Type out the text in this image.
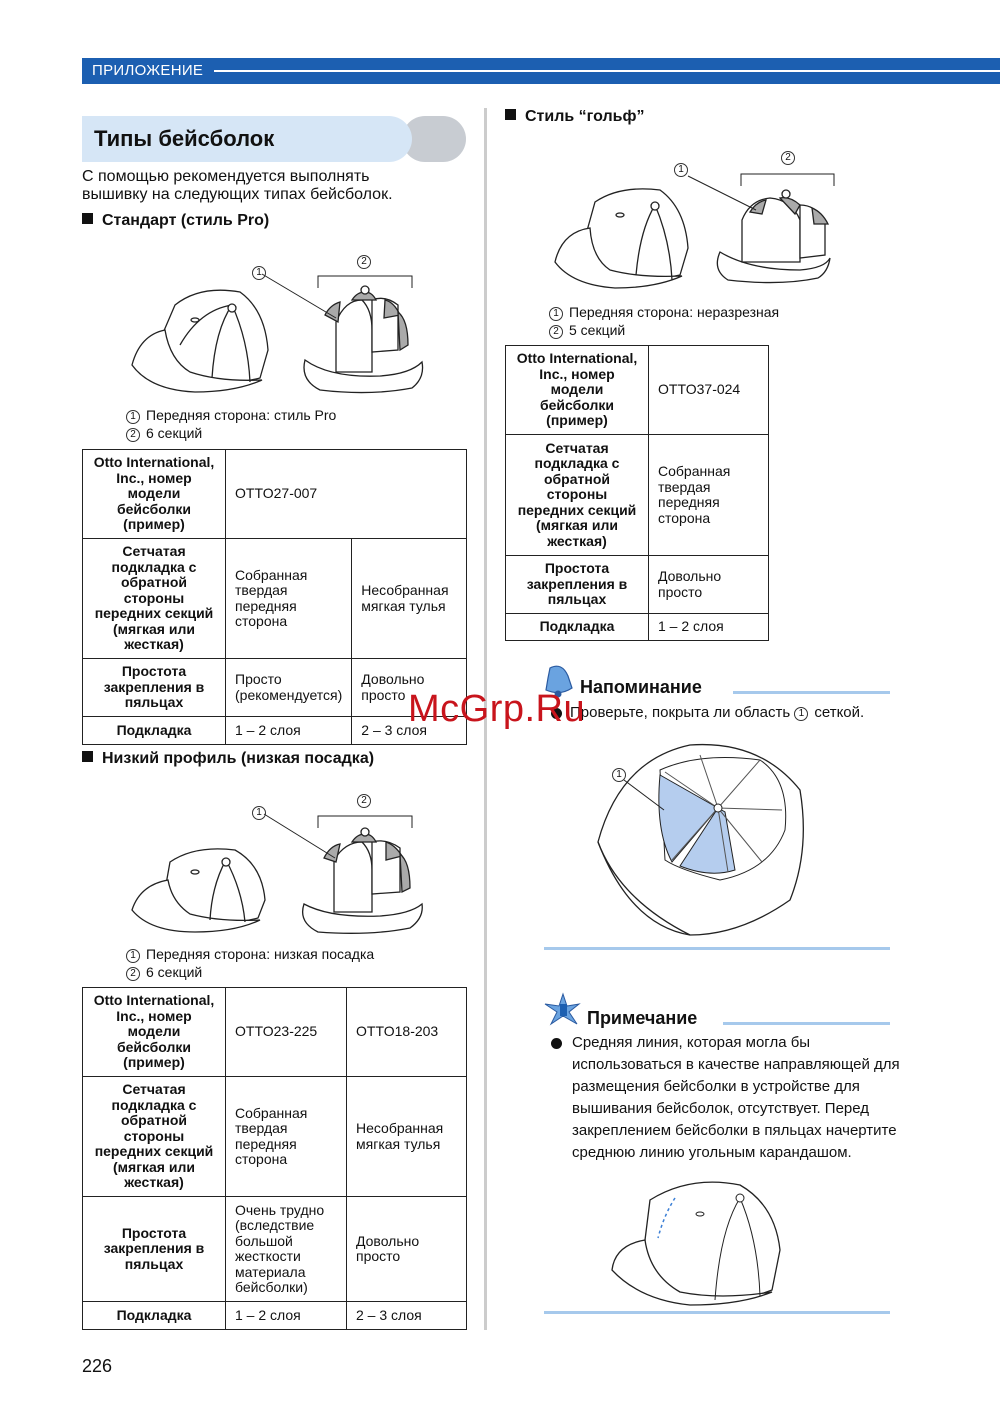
ПРИЛОЖЕНИЕ
Типы бейсболок
С помощью рекомендуется выполнять
вышивку на следующих типах бейсболок.
Стандарт (стиль Pro)
1
2
1 Передняя сторона: стиль Pro
2 6 секций
Otto International, Inc., номер модели бейсболки (пример)	OTTO27-007	
Сетчатая подкладка с обратной стороны передних секций (мягкая или жесткая)	Собранная твердая передняя сторона	Несобранная мягкая тулья
Простота закрепления в пяльцах	Просто (рекомендуется)	Довольно просто
Подкладка	1 – 2 слоя	2 – 3 слоя
Низкий профиль (низкая посадка)
1
2
1 Передняя сторона: низкая посадка
2 6 секций
Otto International, Inc., номер модели бейсболки (пример)	OTTO23-225	OTTO18-203
Сетчатая подкладка с обратной стороны передних секций (мягкая или жесткая)	Собранная твердая передняя сторона	Несобранная мягкая тулья
Простота закрепления в пяльцах	Очень трудно (вследствие большой жесткости материала бейсболки)	Довольно просто
Подкладка	1 – 2 слоя	2 – 3 слоя
Стиль “гольф”
1
2
1 Передняя сторона: неразрезная
2 5 секций
Otto International, Inc., номер модели бейсболки (пример)	OTTO37-024
Сетчатая подкладка с обратной стороны передних секций (мягкая или жесткая)	Собранная твердая передняя сторона
Простота закрепления в пяльцах	Довольно просто
Подкладка	1 – 2 слоя
Напоминание
Проверьте, покрыта ли область 1 сеткой.
1
Примечание
Средняя линия, которая могла бы
использоваться в качестве направляющей для
размещения бейсболки в устройстве для
вышивания бейсболок, отсутствует. Перед
закреплением бейсболки в пяльцах начертите
среднюю линию угольным карандашом.
McGrp.Ru
226
